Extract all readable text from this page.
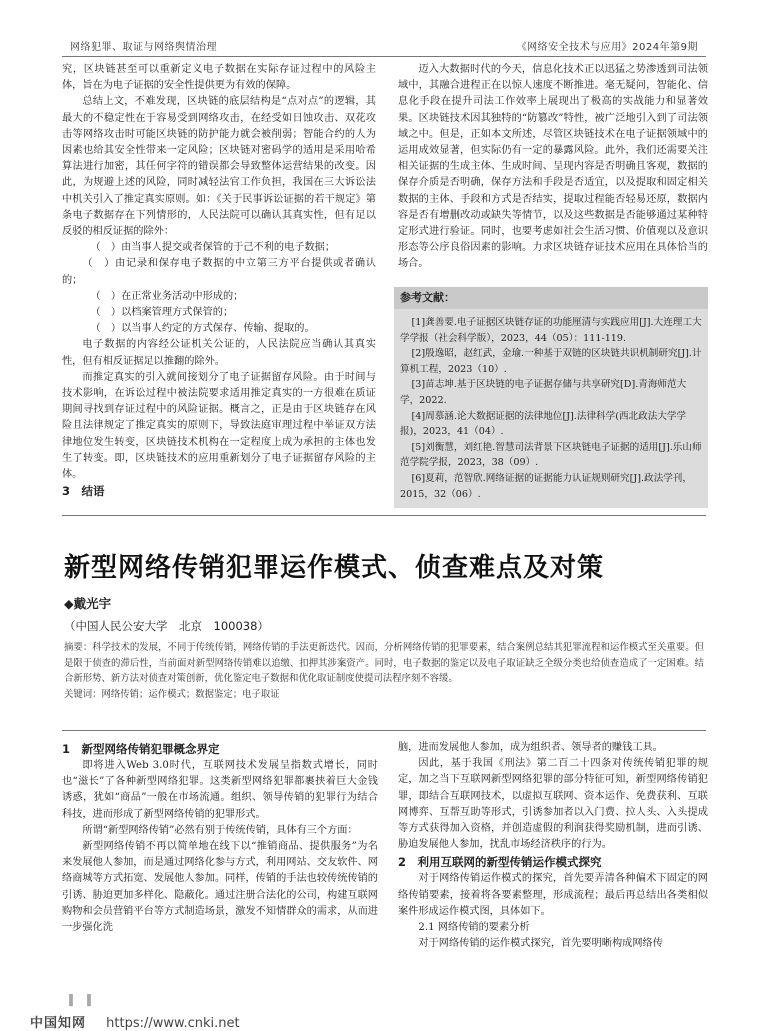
网络犯罪、取证与网络舆情治理	《网络安全技术与应用》2024年第9期

究，区块链甚至可以重新定义电子数据在实际存证过程中的风险主体，旨在为电子证据的安全性提供更为有效的保障。

总结上文，不难发现，区块链的底层结构是“点对点”的逻辑，其最大的不稳定性在于容易受到网络攻击，在经受如日蚀攻击、双花攻击等网络攻击时可能区块链的防护能力就会被削弱；智能合约的人为因素也给其安全性带来一定风险；区块链对密码学的适用是采用哈希算法进行加密，其任何字符的错误都会导致整体运营结果的改变。因此，为规避上述的风险，同时减轻法官工作负担，我国在三大诉讼法中机关引入了推定真实原则。如：《关于民事诉讼证据的若干规定》第　　条电子数据存在下列情形的，人民法院可以确认其真实性，但有足以反驳的相反证据的除外：

（　）由当事人提交或者保管的于己不利的电子数据；

（　）由记录和保存电子数据的中立第三方平台提供或者确认的；

（　）在正常业务活动中形成的；

（　）以档案管理方式保管的；

（　）以当事人约定的方式保存、传输、提取的。

电子数据的内容经公证机关公证的，人民法院应当确认其真实性，但有相反证据足以推翻的除外。

而推定真实的引入就间接划分了电子证据留存风险。由于时间与技术影响，在诉讼过程中被法院要求适用推定真实的一方很难在质证期间寻找到存证过程中的风险证据。概言之，正是由于区块链存在风险且法律规定了推定真实的原则下，导致法庭审理过程中举证双方法律地位发生转变，区块链技术机构在一定程度上成为承担的主体也发生了转变。即，区块链技术的应用重新划分了电子证据留存风险的主体。

3　结语

迈入大数据时代的今天，信息化技术正以迅猛之势渗透到司法领域中，其融合进程正在以惊人速度不断推进。毫无疑问，智能化、信息化手段在提升司法工作效率上展现出了极高的实战能力和显著效果。区块链技术因其独特的“防篡改”特性，被广泛地引入到了司法领域之中。但是，正如本文所述，尽管区块链技术在电子证据领域中的运用成效显著，但实际仍有一定的暴露风险。此外，我们还需要关注相关证据的生成主体、生成时间、呈现内容是否明确且客观，数据的保存介质是否明确，保存方法和手段是否适宜，以及提取和固定相关数据的主体、手段和方式是否结实，提取过程能否轻易还原，数据内容是否有增删改动或缺失等情节，以及这些数据是否能够通过某种特定形式进行验证。同时，也要考虑如社会生活习惯、价值观以及意识形态等公序良俗因素的影响。力求区块链存证技术应用在具体恰当的场合。

参考文献：

[1]龚善要.电子证据区块链存证的功能厘清与实践应用[J].大连理工大学学报（社会科学版），2023，44（05）：111-119.

[2]殷逸昭，赵红武，金瑜.一种基于双链的区块链共识机制研究[J].计算机工程，2023（10）.

[3]苗志坤.基于区块链的电子证据存储与共享研究[D].青海师范大学，2022.

[4]周慕涵.论大数据证据的法律地位[J].法律科学(西北政法大学学报)，2023，41（04）.

[5]刘衡慧，刘红艳.智慧司法背景下区块链电子证据的适用[J].乐山师范学院学报，2023，38（09）.

[6]夏莉，范智欣.网络证据的证据能力认证规则研究[J].政法学刊，2015，32（06）.

新型网络传销犯罪运作模式、侦查难点及对策
◆戴光宇
（中国人民公安大学　北京　100038）

摘要：科学技术的发展，不同于传统传销，网络传销的手法更新迭代。因而，分析网络传销的犯罪要素，结合案例总结其犯罪流程和运作模式至关重要。但是限于侦查的滞后性，当前面对新型网络传销难以追缴、扣押其涉案资产。同时，电子数据的鉴定以及电子取证缺乏全级分类也给侦查造成了一定困难。结合新形势、新方法对侦查对策创新，优化鉴定电子数据和优化取证制度使提司法程序刻不容缓。

关键词：网络传销；运作模式；数据鉴定；电子取证

1　新型网络传销犯罪概念界定

即将进入Web 3.0时代，互联网技术发展呈指数式增长，同时也“滋长”了各种新型网络犯罪。这类新型网络犯罪都裹挟着巨大金钱诱惑，犹如“商品”一般在市场流通。组织、领导传销的犯罪行为结合科技，进而形成了新型网络传销的犯罪形式。

所谓“新型网络传销”必然有别于传统传销，具体有三个方面：

新型网络传销不再以简单地在线下以“推销商品、提供服务”为名来发展他人参加，而是通过网络化参与方式，利用网站、交友软件、网络商城等方式拓宽、发展他人参加。同样，传销的手法也较传统传销的引诱、胁迫更加多样化、隐蔽化。通过注册合法化的公司，构建互联网购物和会员营销平台等方式制造场景，激发不知情群众的需求，从而进一步强化洗

脑，进而发展他人参加，成为组织者、领导者的赚钱工具。

因此，基于我国《刑法》第二百二十四条对传统传销犯罪的规定，加之当下互联网新型网络犯罪的部分特征可知，新型网络传销犯罪，即结合互联网技术，以虚拟互联网、资本运作、免费获利、互联网博弈、互帮互助等形式，引诱参加者以入门费、拉人头、入头提成等方式获得加入资格，并创造虚假的利润获得奖励机制，进而引诱、胁迫发展他人参加，扰乱市场经济秩序的行为。

2　利用互联网的新型传销运作模式探究

对于网络传销运作模式的探究，首先要弄清各种偏术下固定的网络传销要素，接着将各要素整理，形成流程；最后再总结出各类相似案件形成运作模式图，具体如下。

2.1 网络传销的要素分析

对于网络传销的运作模式探究，首先要明晰构成网络传

‖　‖
中国知网 https://www.cnki.net
